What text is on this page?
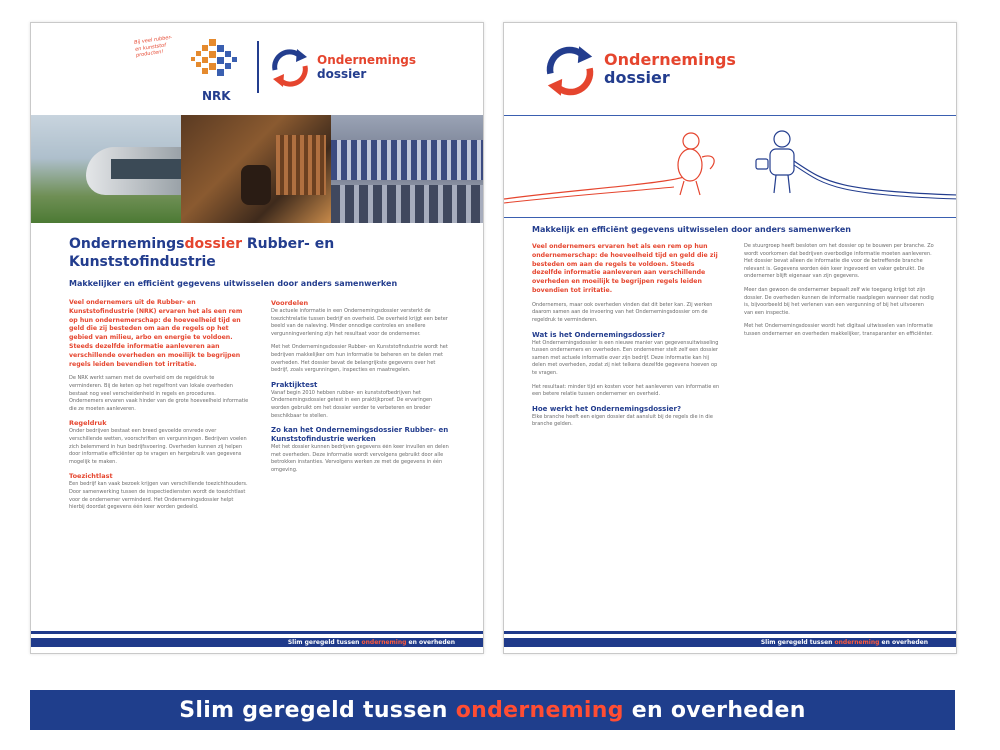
Bij veel rubber- en kunststof producten!
NRK
Ondernemings
dossier
Ondernemingsdossier Rubber- en
Kunststofindustrie
Makkelijker en efficiënt gegevens uitwisselen door anders samenwerken
Veel ondernemers uit de Rubber- en Kunststofindustrie (NRK) ervaren het als een rem op hun ondernemerschap: de hoeveelheid tijd en geld die zij besteden om aan de regels op het gebied van milieu, arbo en energie te voldoen. Steeds dezelfde informatie aanleveren aan verschillende overheden en moeilijk te begrijpen regels leiden bevendien tot irritatie.
De NRK werkt samen met de overheid om de regeldruk te verminderen. Bij de keten op het regelfront van lokale overheden bestaat nog veel verscheidenheid in regels en procedures. Ondernemers ervaren vaak hinder van de grote hoeveelheid informatie die ze moeten aanleveren.
Regeldruk
Onder bedrijven bestaat een breed gevoelde onvrede over verschillende wetten, voorschriften en vergunningen. Bedrijven voelen zich belemmerd in hun bedrijfsvoering. Overheden kunnen zij helpen door informatie efficiënter op te vragen en hergebruik van gegevens mogelijk te maken.
Toezichtlast
Een bedrijf kan vaak bezoek krijgen van verschillende toezichthouders. Door samenwerking tussen de inspectiediensten wordt de toezichtlast voor de ondernemer verminderd. Het Ondernemingsdossier helpt hierbij doordat gegevens één keer worden gedeeld.
Voordelen
De actuele informatie in een Ondernemingsdossier versterkt de toezichtrelatie tussen bedrijf en overheid. De overheid krijgt een beter beeld van de naleving. Minder onnodige controles en snellere vergunningverlening zijn het resultaat voor de ondernemer.
Met het Ondernemingsdossier Rubber- en Kunststofindustrie wordt het bedrijven makkelijker om hun informatie te beheren en te delen met overheden. Het dossier bevat de belangrijkste gegevens over het bedrijf, zoals vergunningen, inspecties en maatregelen.
Praktijktest
Vanaf begin 2010 hebben rubber- en kunststofbedrijven het Ondernemingsdossier getest in een praktijkproef. De ervaringen worden gebruikt om het dossier verder te verbeteren en breder beschikbaar te stellen.
Zo kan het Ondernemingsdossier Rubber- en Kunststofindustrie werken
Met het dossier kunnen bedrijven gegevens één keer invullen en delen met overheden. Deze informatie wordt vervolgens gebruikt door alle betrokken instanties. Vervolgens werken ze met de gegevens in één omgeving.
Slim geregeld tussen onderneming en overheden
Ondernemings
dossier
Makkelijk en efficiënt gegevens uitwisselen door anders samenwerken
Veel ondernemers ervaren het als een rem op hun ondernemerschap: de hoeveelheid tijd en geld die zij besteden om aan de regels te voldoen. Steeds dezelfde informatie aanleveren aan verschillende overheden en moeilijk te begrijpen regels leiden bovendien tot irritatie.
Ondernemers, maar ook overheden vinden dat dit beter kan. Zij werken daarom samen aan de invoering van het Ondernemingsdossier om de regeldruk te verminderen.
Wat is het Ondernemingsdossier?
Het Ondernemingsdossier is een nieuwe manier van gegevensuitwisseling tussen ondernemers en overheden. Een ondernemer stelt zelf een dossier samen met actuele informatie over zijn bedrijf. Deze informatie kan hij delen met overheden, zodat zij niet telkens dezelfde gegevens hoeven op te vragen.
Het resultaat: minder tijd en kosten voor het aanleveren van informatie en een betere relatie tussen ondernemer en overheid.
Hoe werkt het Ondernemingsdossier?
Elke branche heeft een eigen dossier dat aansluit bij de regels die in die branche gelden.
De stuurgroep heeft besloten om het dossier op te bouwen per branche. Zo wordt voorkomen dat bedrijven overbodige informatie moeten aanleveren. Het dossier bevat alleen de informatie die voor de betreffende branche relevant is. Gegevens worden één keer ingevoerd en vaker gebruikt. De ondernemer blijft eigenaar van zijn gegevens.
Meer dan gewoon de ondernemer bepaalt zelf wie toegang krijgt tot zijn dossier. De overheden kunnen de informatie raadplegen wanneer dat nodig is, bijvoorbeeld bij het verlenen van een vergunning of bij het uitvoeren van een inspectie.
Met het Ondernemingsdossier wordt het digitaal uitwisselen van informatie tussen ondernemer en overheden makkelijker, transparanter en efficiënter.
Slim geregeld tussen onderneming en overheden
Slim geregeld tussen onderneming en overheden
